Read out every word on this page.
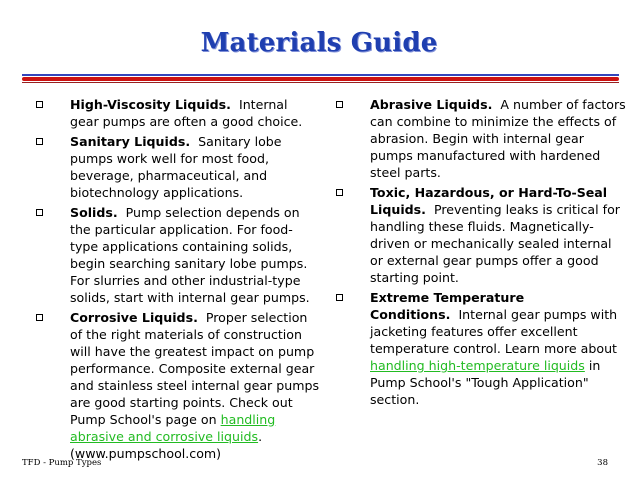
Materials Guide
High-Viscosity Liquids. Internal gear pumps are often a good choice.
Sanitary Liquids. Sanitary lobe pumps work well for most food, beverage, pharmaceutical, and biotechnology applications.
Solids. Pump selection depends on the particular application. For food-type applications containing solids, begin searching sanitary lobe pumps. For slurries and other industrial-type solids, start with internal gear pumps.
Corrosive Liquids. Proper selection of the right materials of construction will have the greatest impact on pump performance. Composite external gear and stainless steel internal gear pumps are good starting points. Check out Pump School's page on handling abrasive and corrosive liquids. (www.pumpschool.com)
Abrasive Liquids. A number of factors can combine to minimize the effects of abrasion. Begin with internal gear pumps manufactured with hardened steel parts.
Toxic, Hazardous, or Hard-To-Seal Liquids. Preventing leaks is critical for handling these fluids. Magnetically-driven or mechanically sealed internal or external gear pumps offer a good starting point.
Extreme Temperature Conditions. Internal gear pumps with jacketing features offer excellent temperature control. Learn more about handling high-temperature liquids in Pump School's "Tough Application" section.
TFD - Pump Types	38
